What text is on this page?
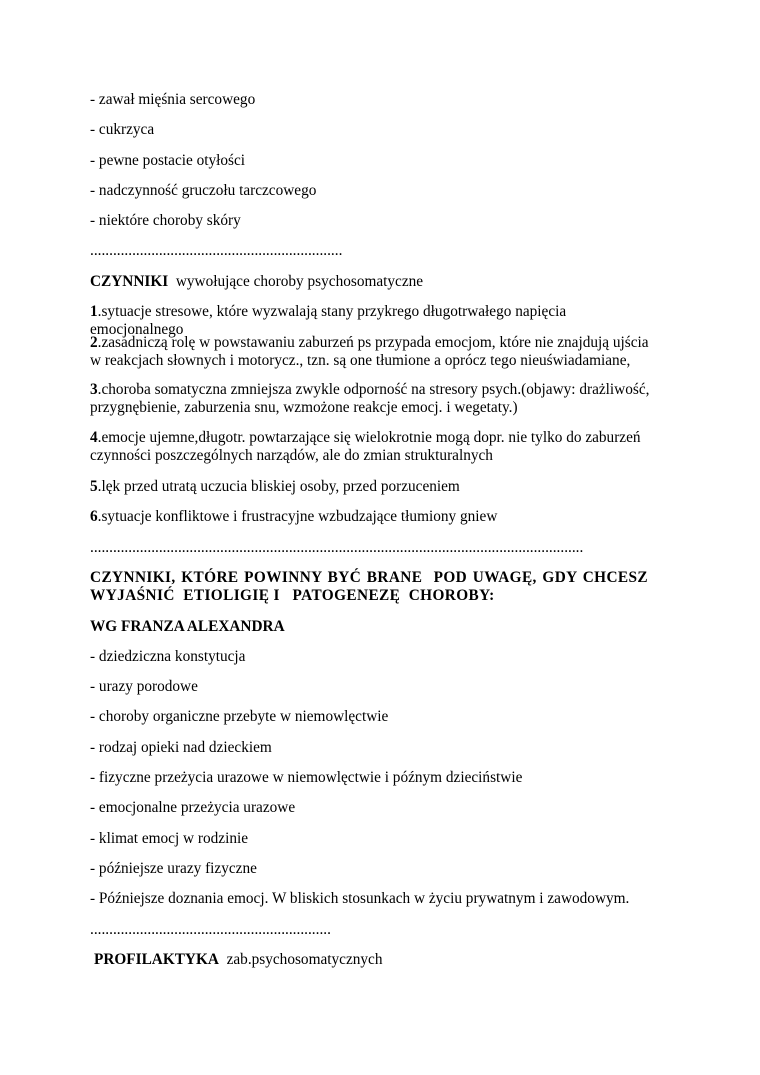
- zawał mięśnia sercowego
- cukrzyca
- pewne postacie otyłości
- nadczynność gruczołu tarczcowego
- niektóre choroby skóry
..................................................................
CZYNNIKI  wywołujące choroby psychosomatyczne
1.sytuacje stresowe, które wyzwalają stany przykrego długotrwałego napięcia emocjonalnego
2.zasadniczą rolę w powstawaniu zaburzeń ps przypada emocjom, które nie znajdują ujścia w reakcjach słownych i motorycz., tzn. są one tłumione a oprócz tego nieuświadamiane,
3.choroba somatyczna zmniejsza zwykle odporność na stresory psych.(objawy: drażliwość, przygnębienie, zaburzenia snu, wzmożone reakcje emocj. i wegetaty.)
4.emocje ujemne,długotr. powtarzające się wielokrotnie mogą dopr. nie tylko do zaburzeń czynności poszczególnych narządów, ale do zmian strukturalnych
5.lęk przed utratą uczucia bliskiej osoby, przed porzuceniem
6.sytuacje konfliktowe i frustracyjne wzbudzające tłumiony gniew
.................................................................................................................................
CZYNNIKI, KTÓRE POWINNY BYĆ BRANE  POD UWAGĘ, GDY CHCESZ WYJAŚNIĆ  ETIOLIGIĘ I   PATOGENEZĘ  CHOROBY:
WG FRANZA ALEXANDRA
- dziedziczna konstytucja
- urazy porodowe
- choroby organiczne przebyte w niemowlęctwie
- rodzaj opieki nad dzieckiem
- fizyczne przeżycia urazowe w niemowlęctwie i późnym dzieciństwie
- emocjonalne przeżycia urazowe
- klimat emocj w rodzinie
- późniejsze urazy fizyczne
- Późniejsze doznania emocj. W bliskich stosunkach w życiu prywatnym i zawodowym.
...............................................................
PROFILAKTYKA  zab.psychosomatycznych
